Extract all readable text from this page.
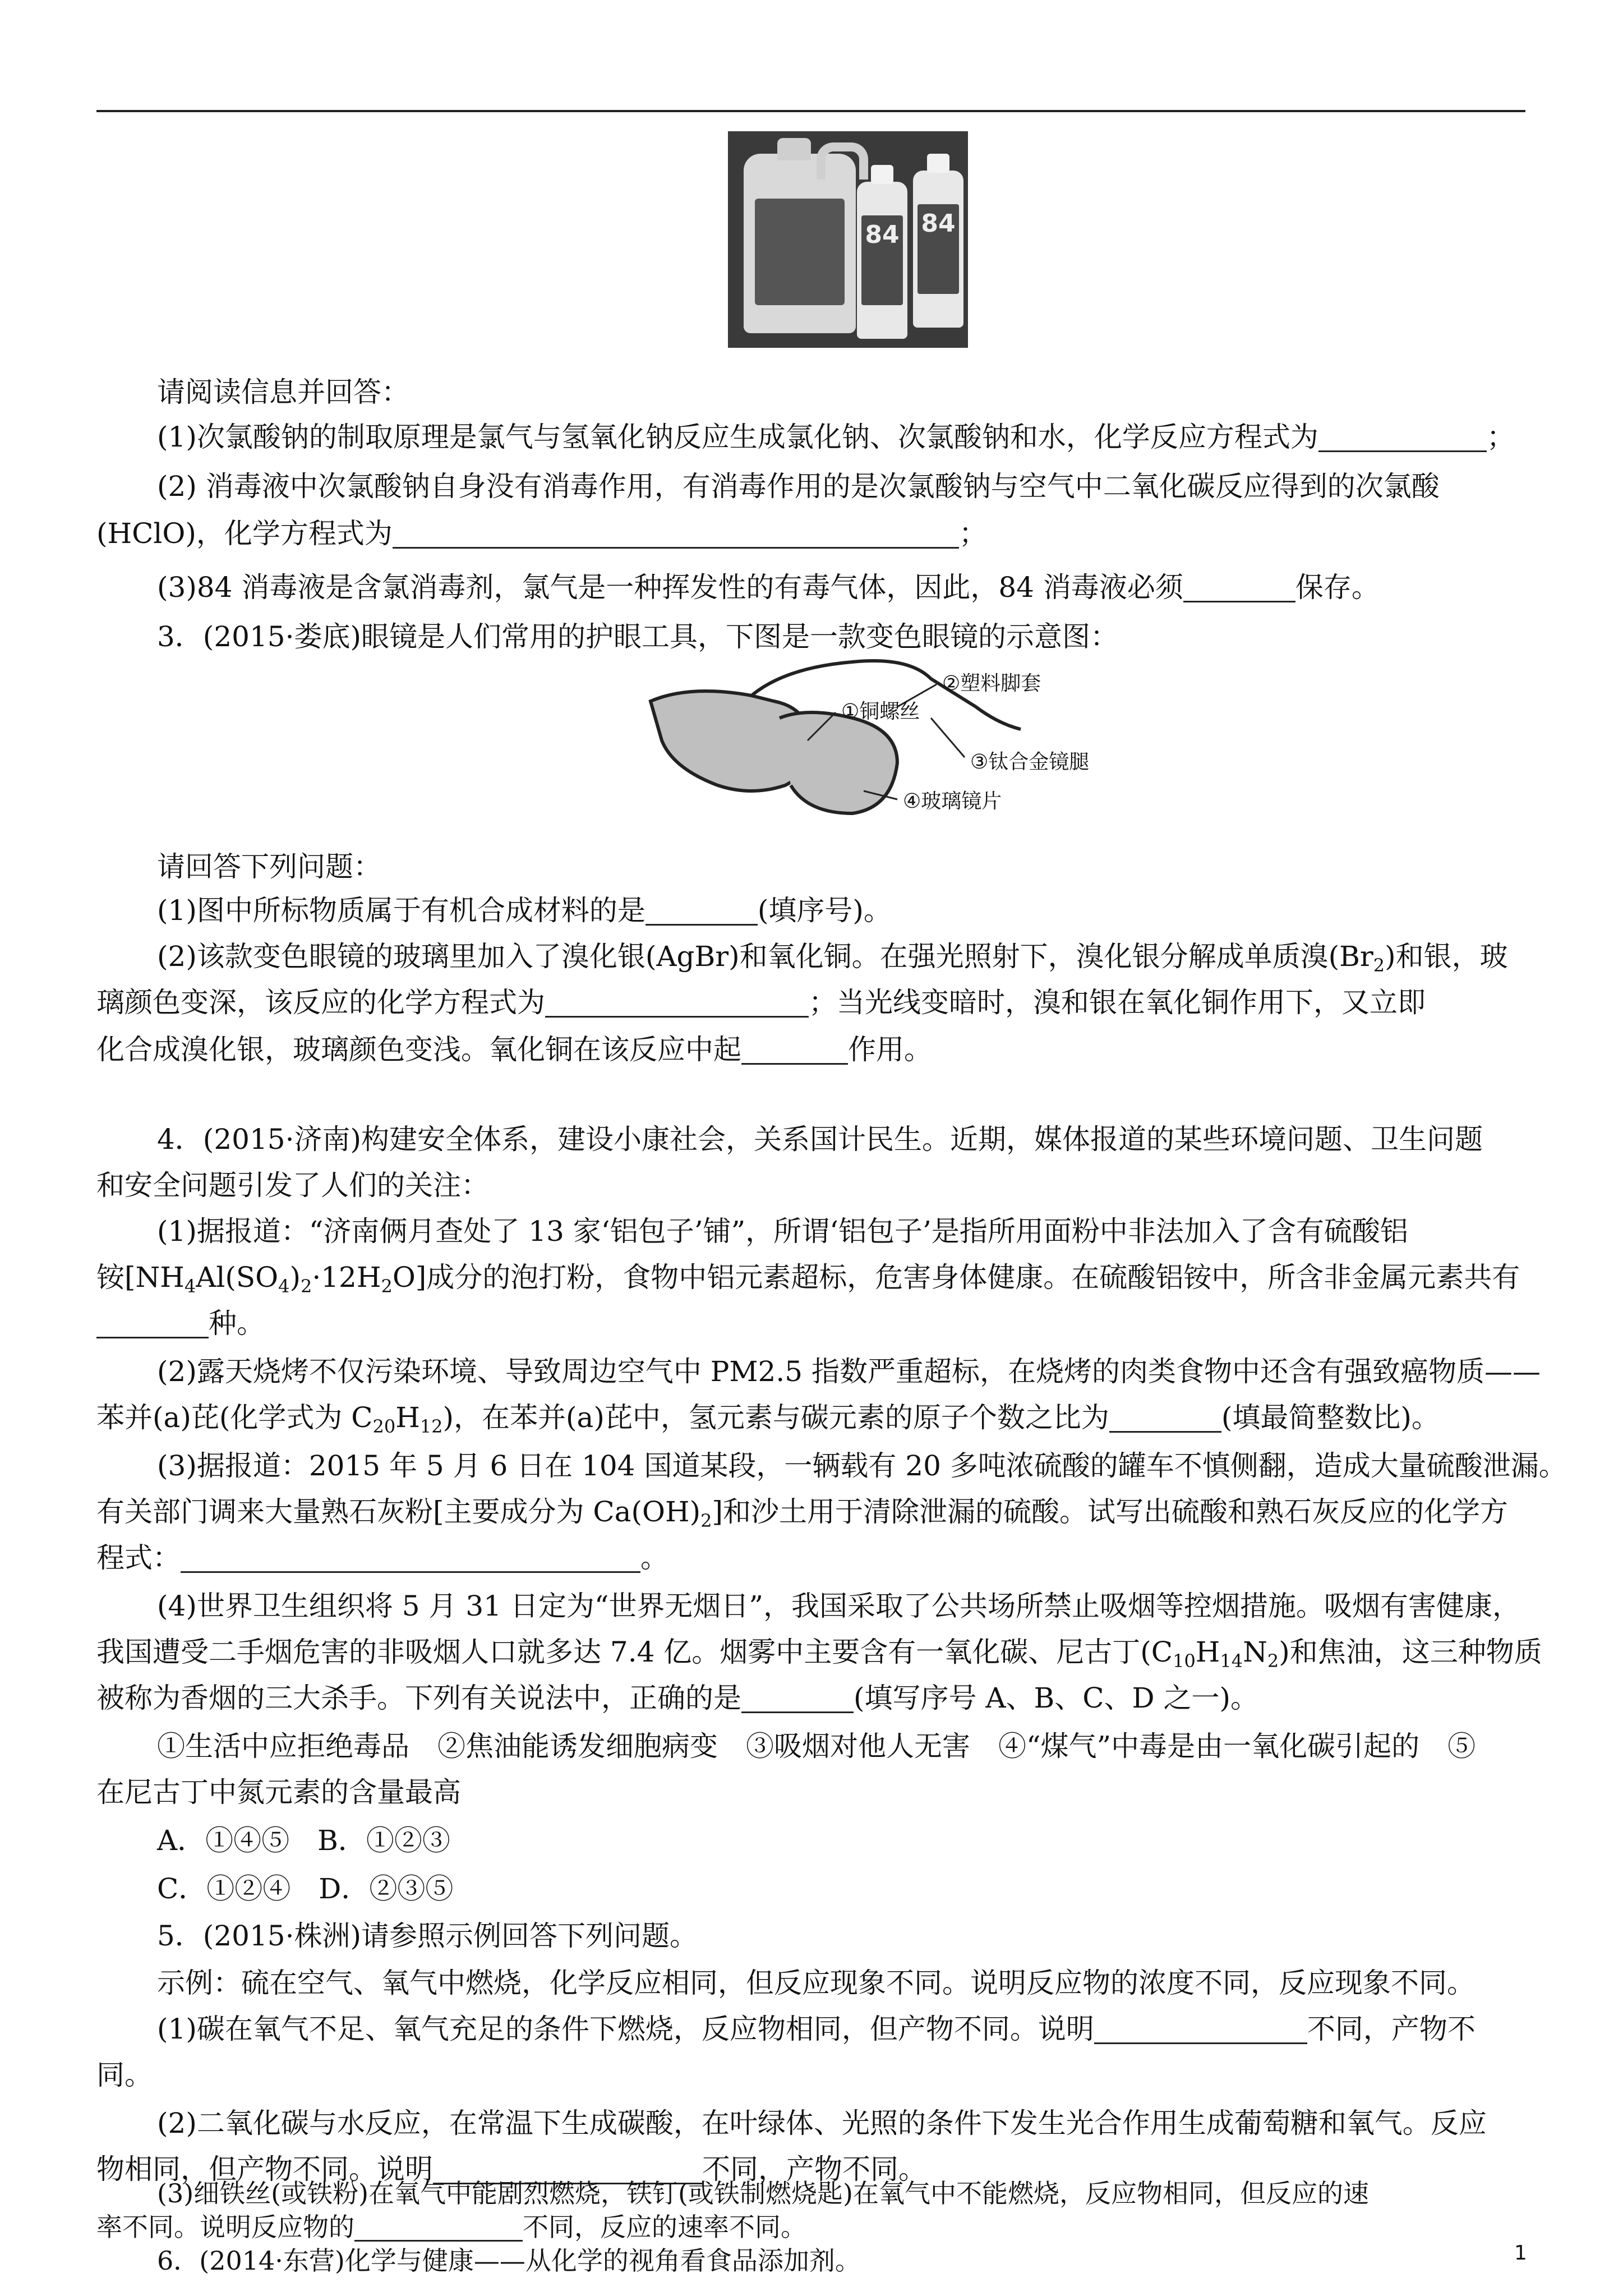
84 84
请阅读信息并回答：
(1)次氯酸钠的制取原理是氯气与氢氧化钠反应生成氯化钠、次氯酸钠和水，化学反应方程式为	；
(2) 消毒液中次氯酸钠自身没有消毒作用，有消毒作用的是次氯酸钠与空气中二氧化碳反应得到的次氯酸
(HClO)，化学方程式为	；
(3)84 消毒液是含氯消毒剂，氯气是一种挥发性的有毒气体，因此，84 消毒液必须	保存。
3．(2015·娄底)眼镜是人们常用的护眼工具，下图是一款变色眼镜的示意图：
②塑料脚套
①铜螺丝
③钛合金镜腿
④玻璃镜片
请回答下列问题：
(1)图中所标物质属于有机合成材料的是	(填序号)。
(2)该款变色眼镜的玻璃里加入了溴化银(AgBr)和氧化铜。在强光照射下，溴化银分解成单质溴$(Br_2)$和银，玻
璃颜色变深，该反应的化学方程式为	；当光线变暗时，溴和银在氧化铜作用下，又立即
化合成溴化银，玻璃颜色变浅。氧化铜在该反应中起	作用。
4．(2015·济南)构建安全体系，建设小康社会，关系国计民生。近期，媒体报道的某些环境问题、卫生问题
和安全问题引发了人们的关注：
(1)据报道：“济南俩月查处了 13 家‘铝包子’铺”，所谓‘铝包子’是指所用面粉中非法加入了含有硫酸铝
铵$[NH_4Al(SO_4)_2\cdot 12H_2O]$成分的泡打粉，食物中铝元素超标，危害身体健康。在硫酸铝铵中，所含非金属元素共有
种。
(2)露天烧烤不仅污染环境、导致周边空气中 PM2.5 指数严重超标，在烧烤的肉类食物中还含有强致癌物质——
苯并(a)芘(化学式为 $C_{20}H_{12}$)，在苯并(a)芘中，氢元素与碳元素的原子个数之比为	(填最简整数比)。
(3)据报道：2015 年 5 月 6 日在 104 国道某段，一辆载有 20 多吨浓硫酸的罐车不慎侧翻，造成大量硫酸泄漏。
有关部门调来大量熟石灰粉[主要成分为 $Ca(OH)_2$]和沙土用于清除泄漏的硫酸。试写出硫酸和熟石灰反应的化学方
程式：	。
(4)世界卫生组织将 5 月 31 日定为“世界无烟日”，我国采取了公共场所禁止吸烟等控烟措施。吸烟有害健康，
我国遭受二手烟危害的非吸烟人口就多达 7.4 亿。烟雾中主要含有一氧化碳、尼古丁$(C_{10}H_{14}N_2)$和焦油，这三种物质
被称为香烟的三大杀手。下列有关说法中，正确的是	(填写序号 A、B、C、D 之一)。
①生活中应拒绝毒品　②焦油能诱发细胞病变　③吸烟对他人无害　④“煤气”中毒是由一氧化碳引起的　⑤
在尼古丁中氮元素的含量最高
A．①④⑤　B．①②③
C．①②④　D．②③⑤
5．(2015·株洲)请参照示例回答下列问题。
示例：硫在空气、氧气中燃烧，化学反应相同，但反应现象不同。说明反应物的浓度不同，反应现象不同。
(1)碳在氧气不足、氧气充足的条件下燃烧，反应物相同，但产物不同。说明	不同，产物不
同。
(2)二氧化碳与水反应，在常温下生成碳酸，在叶绿体、光照的条件下发生光合作用生成葡萄糖和氧气。反应
物相同，但产物不同。说明	不同，产物不同。
1
(3)细铁丝(或铁粉)在氧气中能剧烈燃烧，铁钉(或铁制燃烧匙)在氧气中不能燃烧，反应物相同，但反应的速
率不同。说明反应物的	不同，反应的速率不同。
6．(2014·东营)化学与健康——从化学的视角看食品添加剂。
